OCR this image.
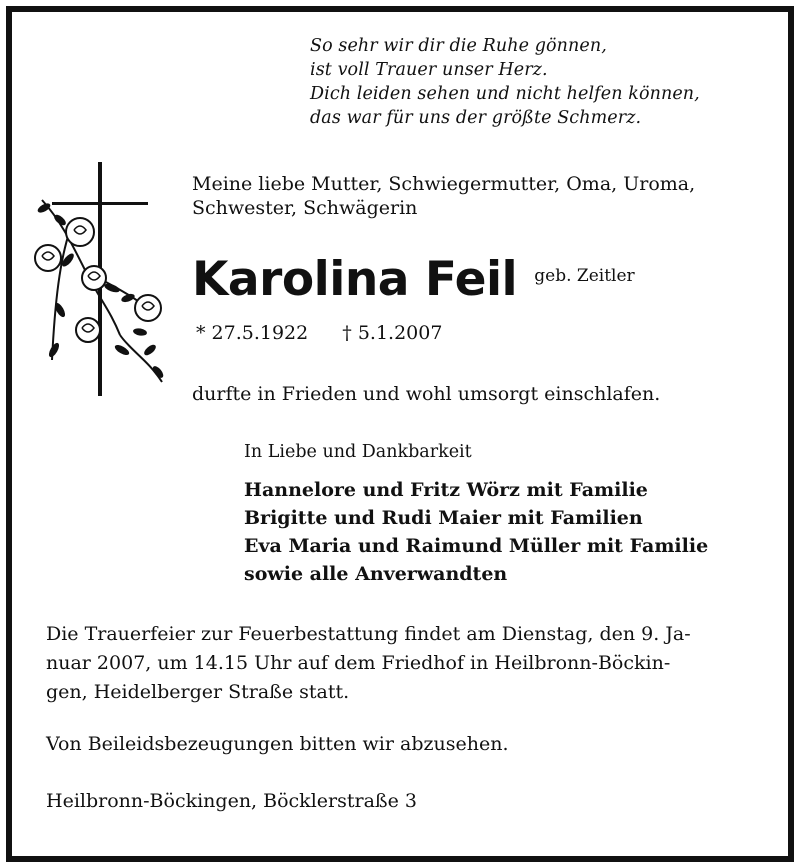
So sehr wir dir die Ruhe gönnen,
ist voll Trauer unser Herz.
Dich leiden sehen und nicht helfen können,
das war für uns der größte Schmerz.
Meine liebe Mutter, Schwiegermutter, Oma, Uroma,
Schwester, Schwägerin
Karolina Feil geb. Zeitler
* 27.5.1922 † 5.1.2007
durfte in Frieden und wohl umsorgt einschlafen.
In Liebe und Dankbarkeit
Hannelore und Fritz Wörz mit Familie
Brigitte und Rudi Maier mit Familien
Eva Maria und Raimund Müller mit Familie
sowie alle Anverwandten
Die Trauerfeier zur Feuerbestattung findet am Dienstag, den 9. Ja-
nuar 2007, um 14.15 Uhr auf dem Friedhof in Heilbronn-Böckin-
gen, Heidelberger Straße statt.
Von Beileidsbezeugungen bitten wir abzusehen.
Heilbronn-Böckingen, Böcklerstraße 3
